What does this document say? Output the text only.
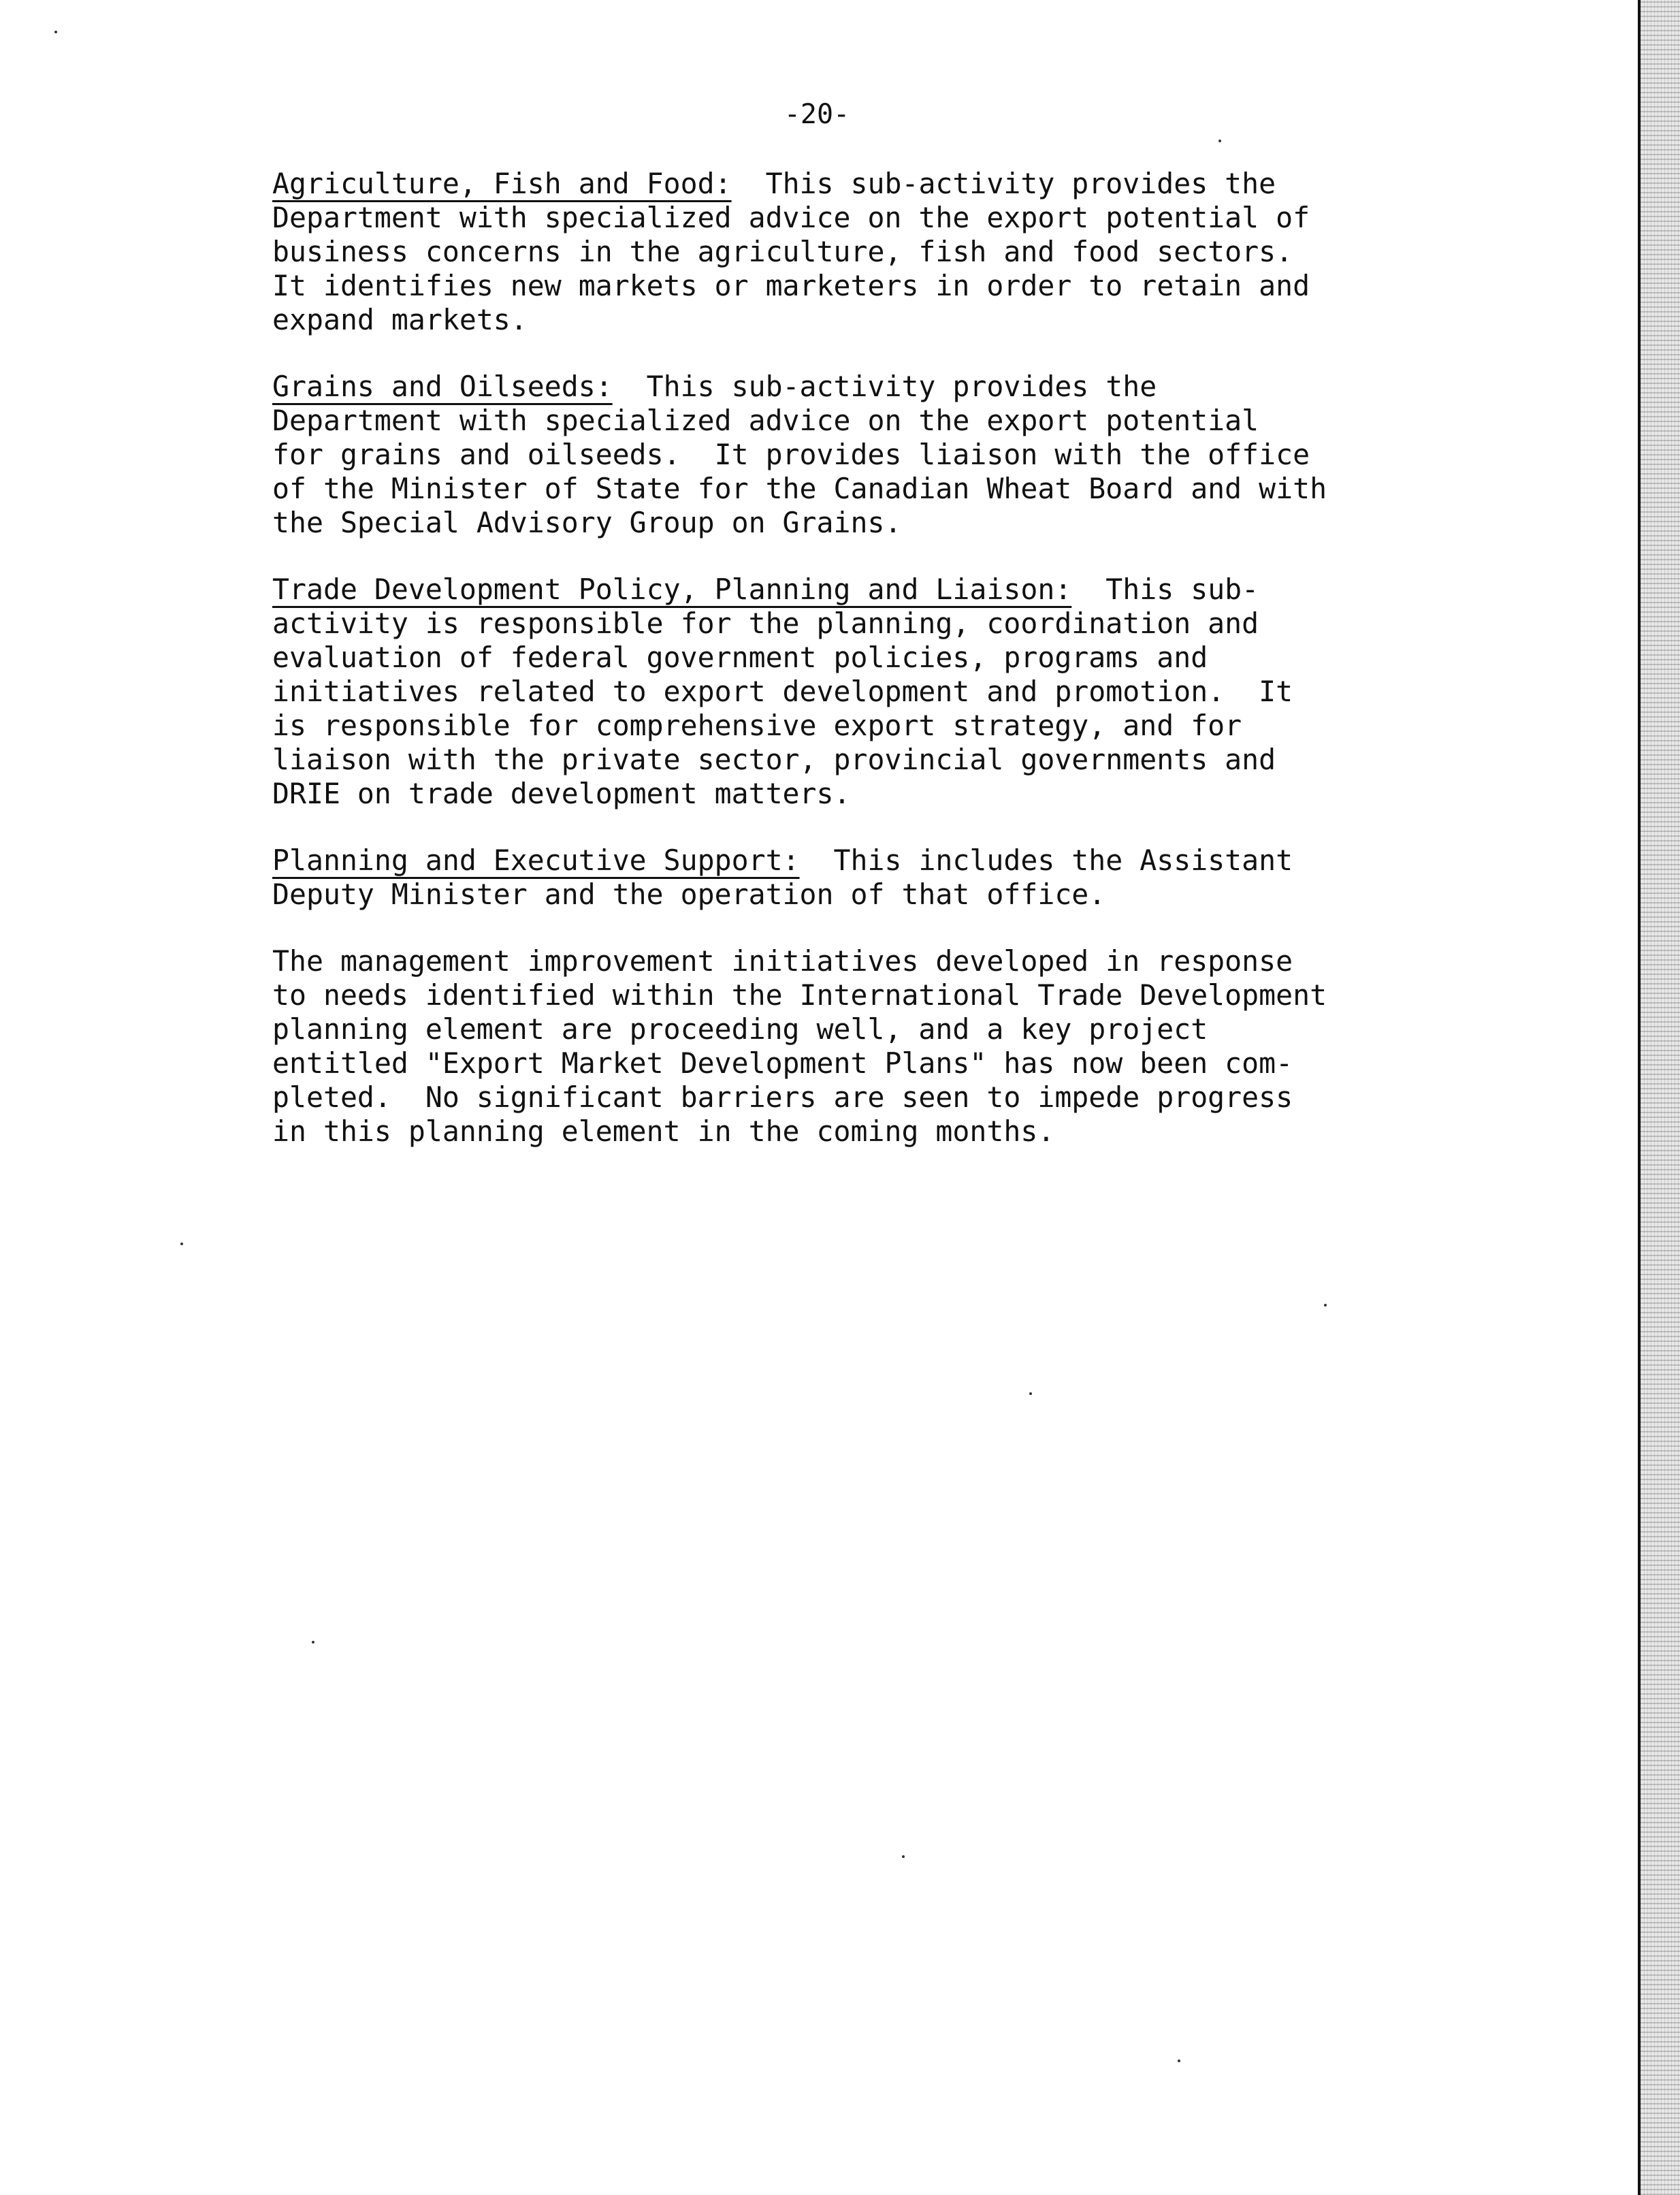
-20-

Agriculture, Fish and Food:  This sub-activity provides the
Department with specialized advice on the export potential of
business concerns in the agriculture, fish and food sectors.
It identifies new markets or marketers in order to retain and
expand markets.

Grains and Oilseeds:  This sub-activity provides the
Department with specialized advice on the export potential
for grains and oilseeds.  It provides liaison with the office
of the Minister of State for the Canadian Wheat Board and with
the Special Advisory Group on Grains.

Trade Development Policy, Planning and Liaison:  This sub-
activity is responsible for the planning, coordination and
evaluation of federal government policies, programs and
initiatives related to export development and promotion.  It
is responsible for comprehensive export strategy, and for
liaison with the private sector, provincial governments and
DRIE on trade development matters.

Planning and Executive Support:  This includes the Assistant
Deputy Minister and the operation of that office.

The management improvement initiatives developed in response
to needs identified within the International Trade Development
planning element are proceeding well, and a key project
entitled "Export Market Development Plans" has now been com-
pleted.  No significant barriers are seen to impede progress
in this planning element in the coming months.
